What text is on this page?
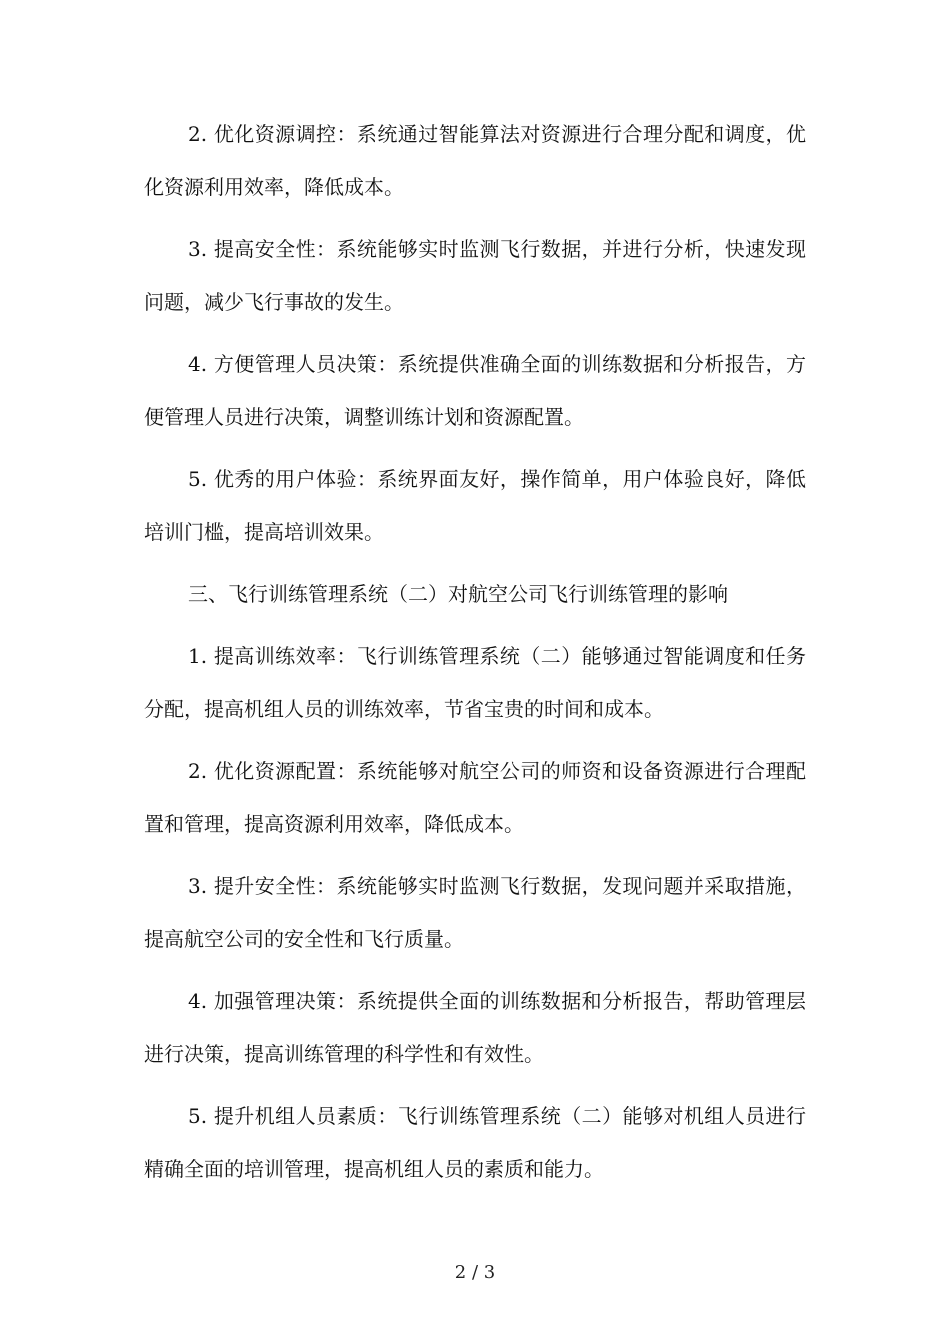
2. 优化资源调控：系统通过智能算法对资源进行合理分配和调度，优化资源利用效率，降低成本。

3. 提高安全性：系统能够实时监测飞行数据，并进行分析，快速发现问题，减少飞行事故的发生。

4. 方便管理人员决策：系统提供准确全面的训练数据和分析报告，方便管理人员进行决策，调整训练计划和资源配置。

5. 优秀的用户体验：系统界面友好，操作简单，用户体验良好，降低培训门槛，提高培训效果。

三、飞行训练管理系统（二）对航空公司飞行训练管理的影响

1. 提高训练效率：飞行训练管理系统（二）能够通过智能调度和任务分配，提高机组人员的训练效率，节省宝贵的时间和成本。

2. 优化资源配置：系统能够对航空公司的师资和设备资源进行合理配置和管理，提高资源利用效率，降低成本。

3. 提升安全性：系统能够实时监测飞行数据，发现问题并采取措施，提高航空公司的安全性和飞行质量。

4. 加强管理决策：系统提供全面的训练数据和分析报告，帮助管理层进行决策，提高训练管理的科学性和有效性。

5. 提升机组人员素质：飞行训练管理系统（二）能够对机组人员进行精确全面的培训管理，提高机组人员的素质和能力。

2 / 3
